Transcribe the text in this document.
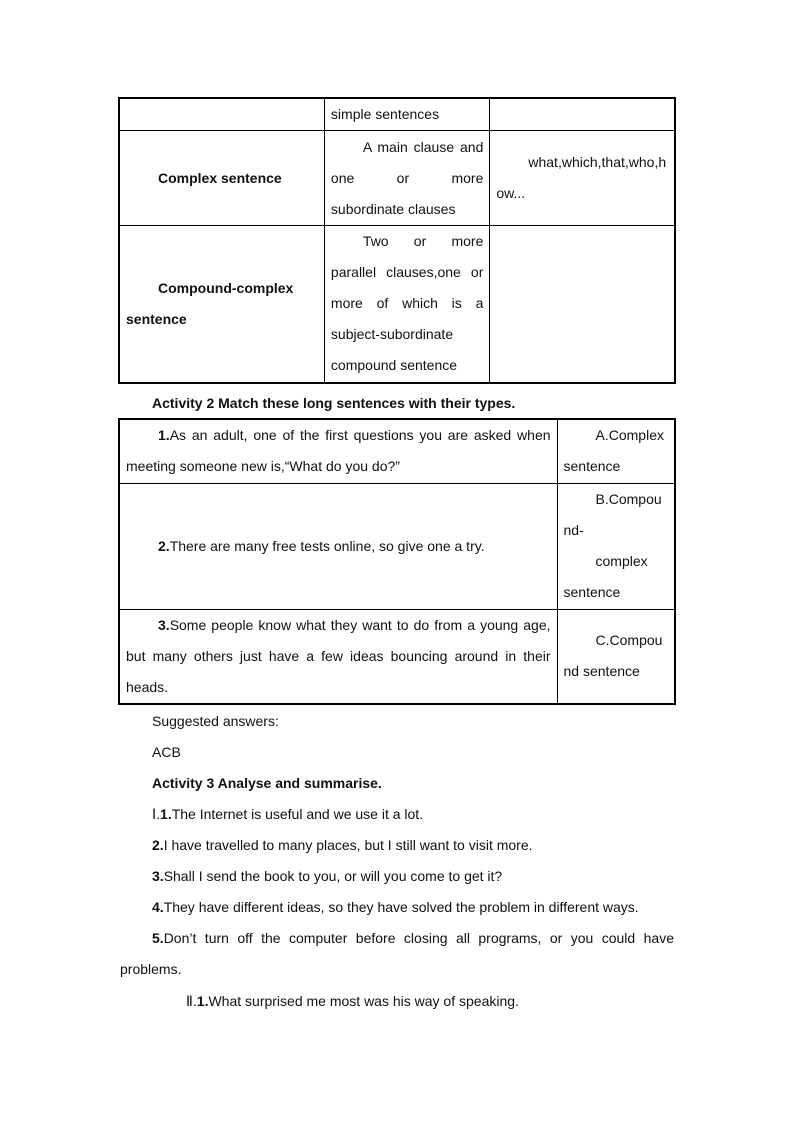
	simple sentences	
Complex sentence	A main clause and one or more subordinate clauses	what,which,that,who,how...
Compound-complex sentence	Two or more parallel clauses,one or more of which is a subject-subordinate compound sentence	
Activity 2 Match these long sentences with their types.
1.As an adult, one of the first questions you are asked when meeting someone new is,“What do you do?”	A.Complex sentence
2.There are many free tests online, so give one a try.	B.Compound-
complex sentence

3.Some people know what they want to do from a young age, but many others just have a few ideas bouncing around in their heads.	C.Compound sentence
Suggested answers:
ACB
Activity 3 Analyse and summarise.
Ⅰ.1.The Internet is useful and we use it a lot.
2.I have travelled to many places, but I still want to visit more.
3.Shall I send the book to you, or will you come to get it?
4.They have different ideas, so they have solved the problem in different ways.
5.Don’t turn off the computer before closing all programs, or you could have problems.
Ⅱ.1.What surprised me most was his way of speaking.
